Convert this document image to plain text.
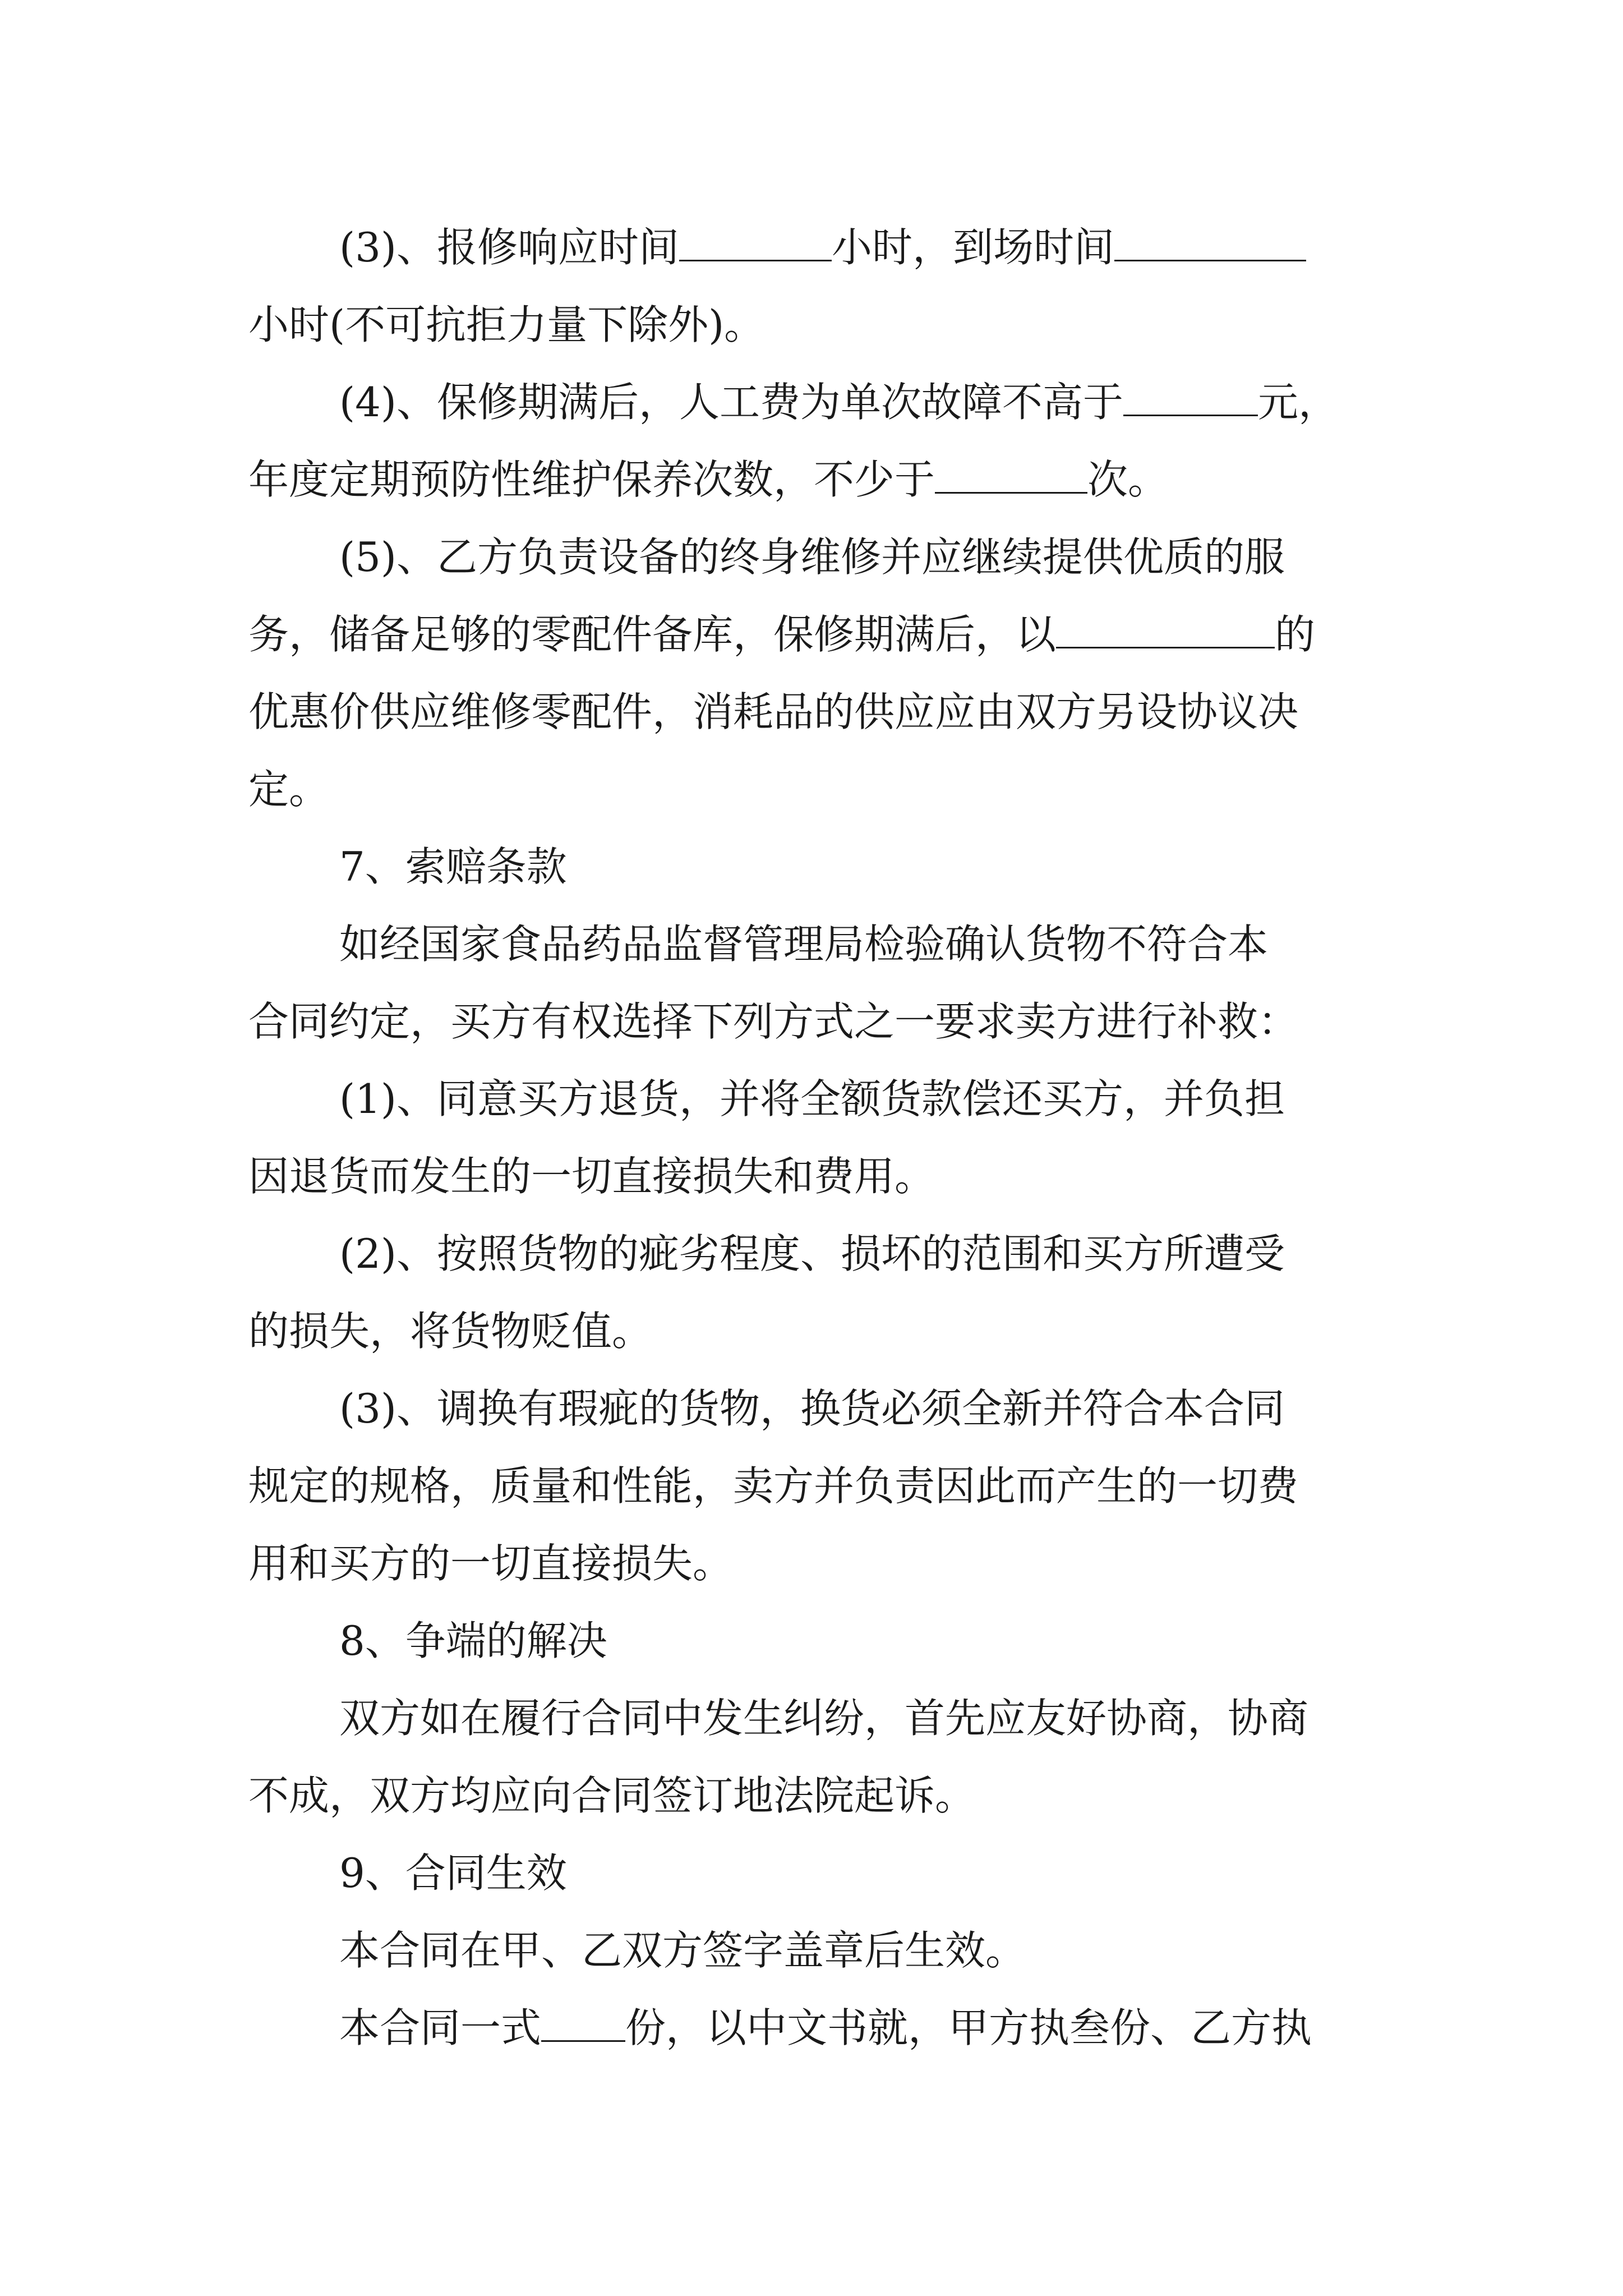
(3)、报修响应时间	小时，到场时间
小时(不可抗拒力量下除外)。
(4)、保修期满后，人工费为单次故障不高于	元，
年度定期预防性维护保养次数，不少于	次。
(5)、乙方负责设备的终身维修并应继续提供优质的服
务，储备足够的零配件备库，保修期满后，以	的
优惠价供应维修零配件，消耗品的供应应由双方另设协议决
定。
7、索赔条款
如经国家食品药品监督管理局检验确认货物不符合本
合同约定，买方有权选择下列方式之一要求卖方进行补救：
(1)、同意买方退货，并将全额货款偿还买方，并负担
因退货而发生的一切直接损失和费用。
(2)、按照货物的疵劣程度、损坏的范围和买方所遭受
的损失，将货物贬值。
(3)、调换有瑕疵的货物，换货必须全新并符合本合同
规定的规格，质量和性能，卖方并负责因此而产生的一切费
用和买方的一切直接损失。
8、争端的解决
双方如在履行合同中发生纠纷，首先应友好协商，协商
不成，双方均应向合同签订地法院起诉。
9、合同生效
本合同在甲、乙双方签字盖章后生效。
本合同一式 份，以中文书就，甲方执叁份、乙方执
